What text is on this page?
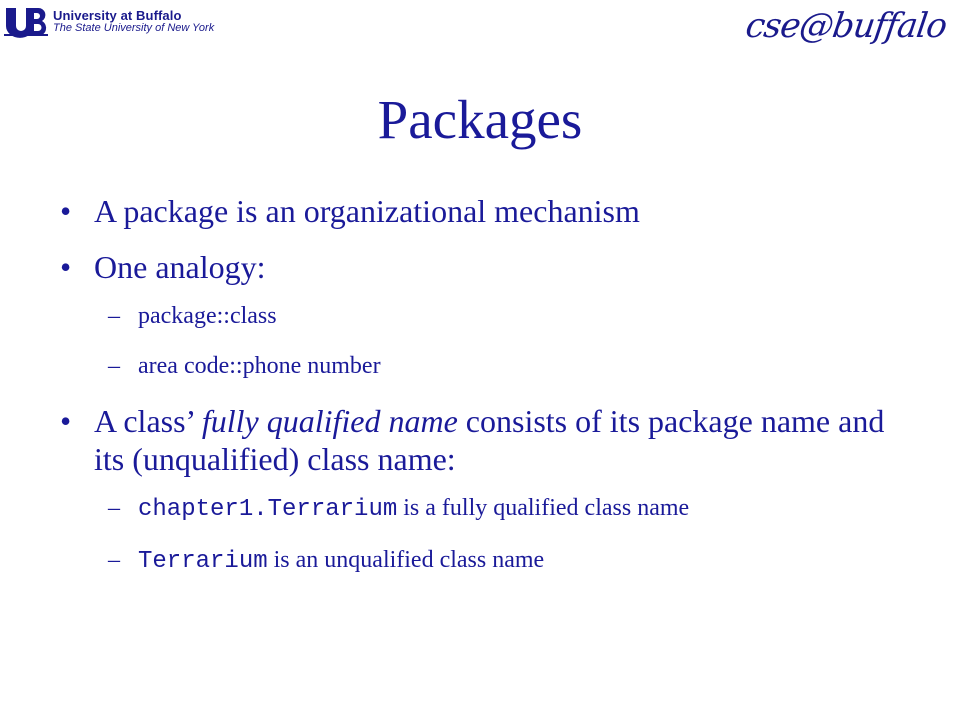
University at Buffalo
The State University of New York	cse@buffalo
Packages
• A package is an organizational mechanism
• One analogy:
– package::class
– area code::phone number
• A class’ fully qualified name consists of its package name and its (unqualified) class name:
– chapter1.Terrarium is a fully qualified class name
– Terrarium is an unqualified class name
